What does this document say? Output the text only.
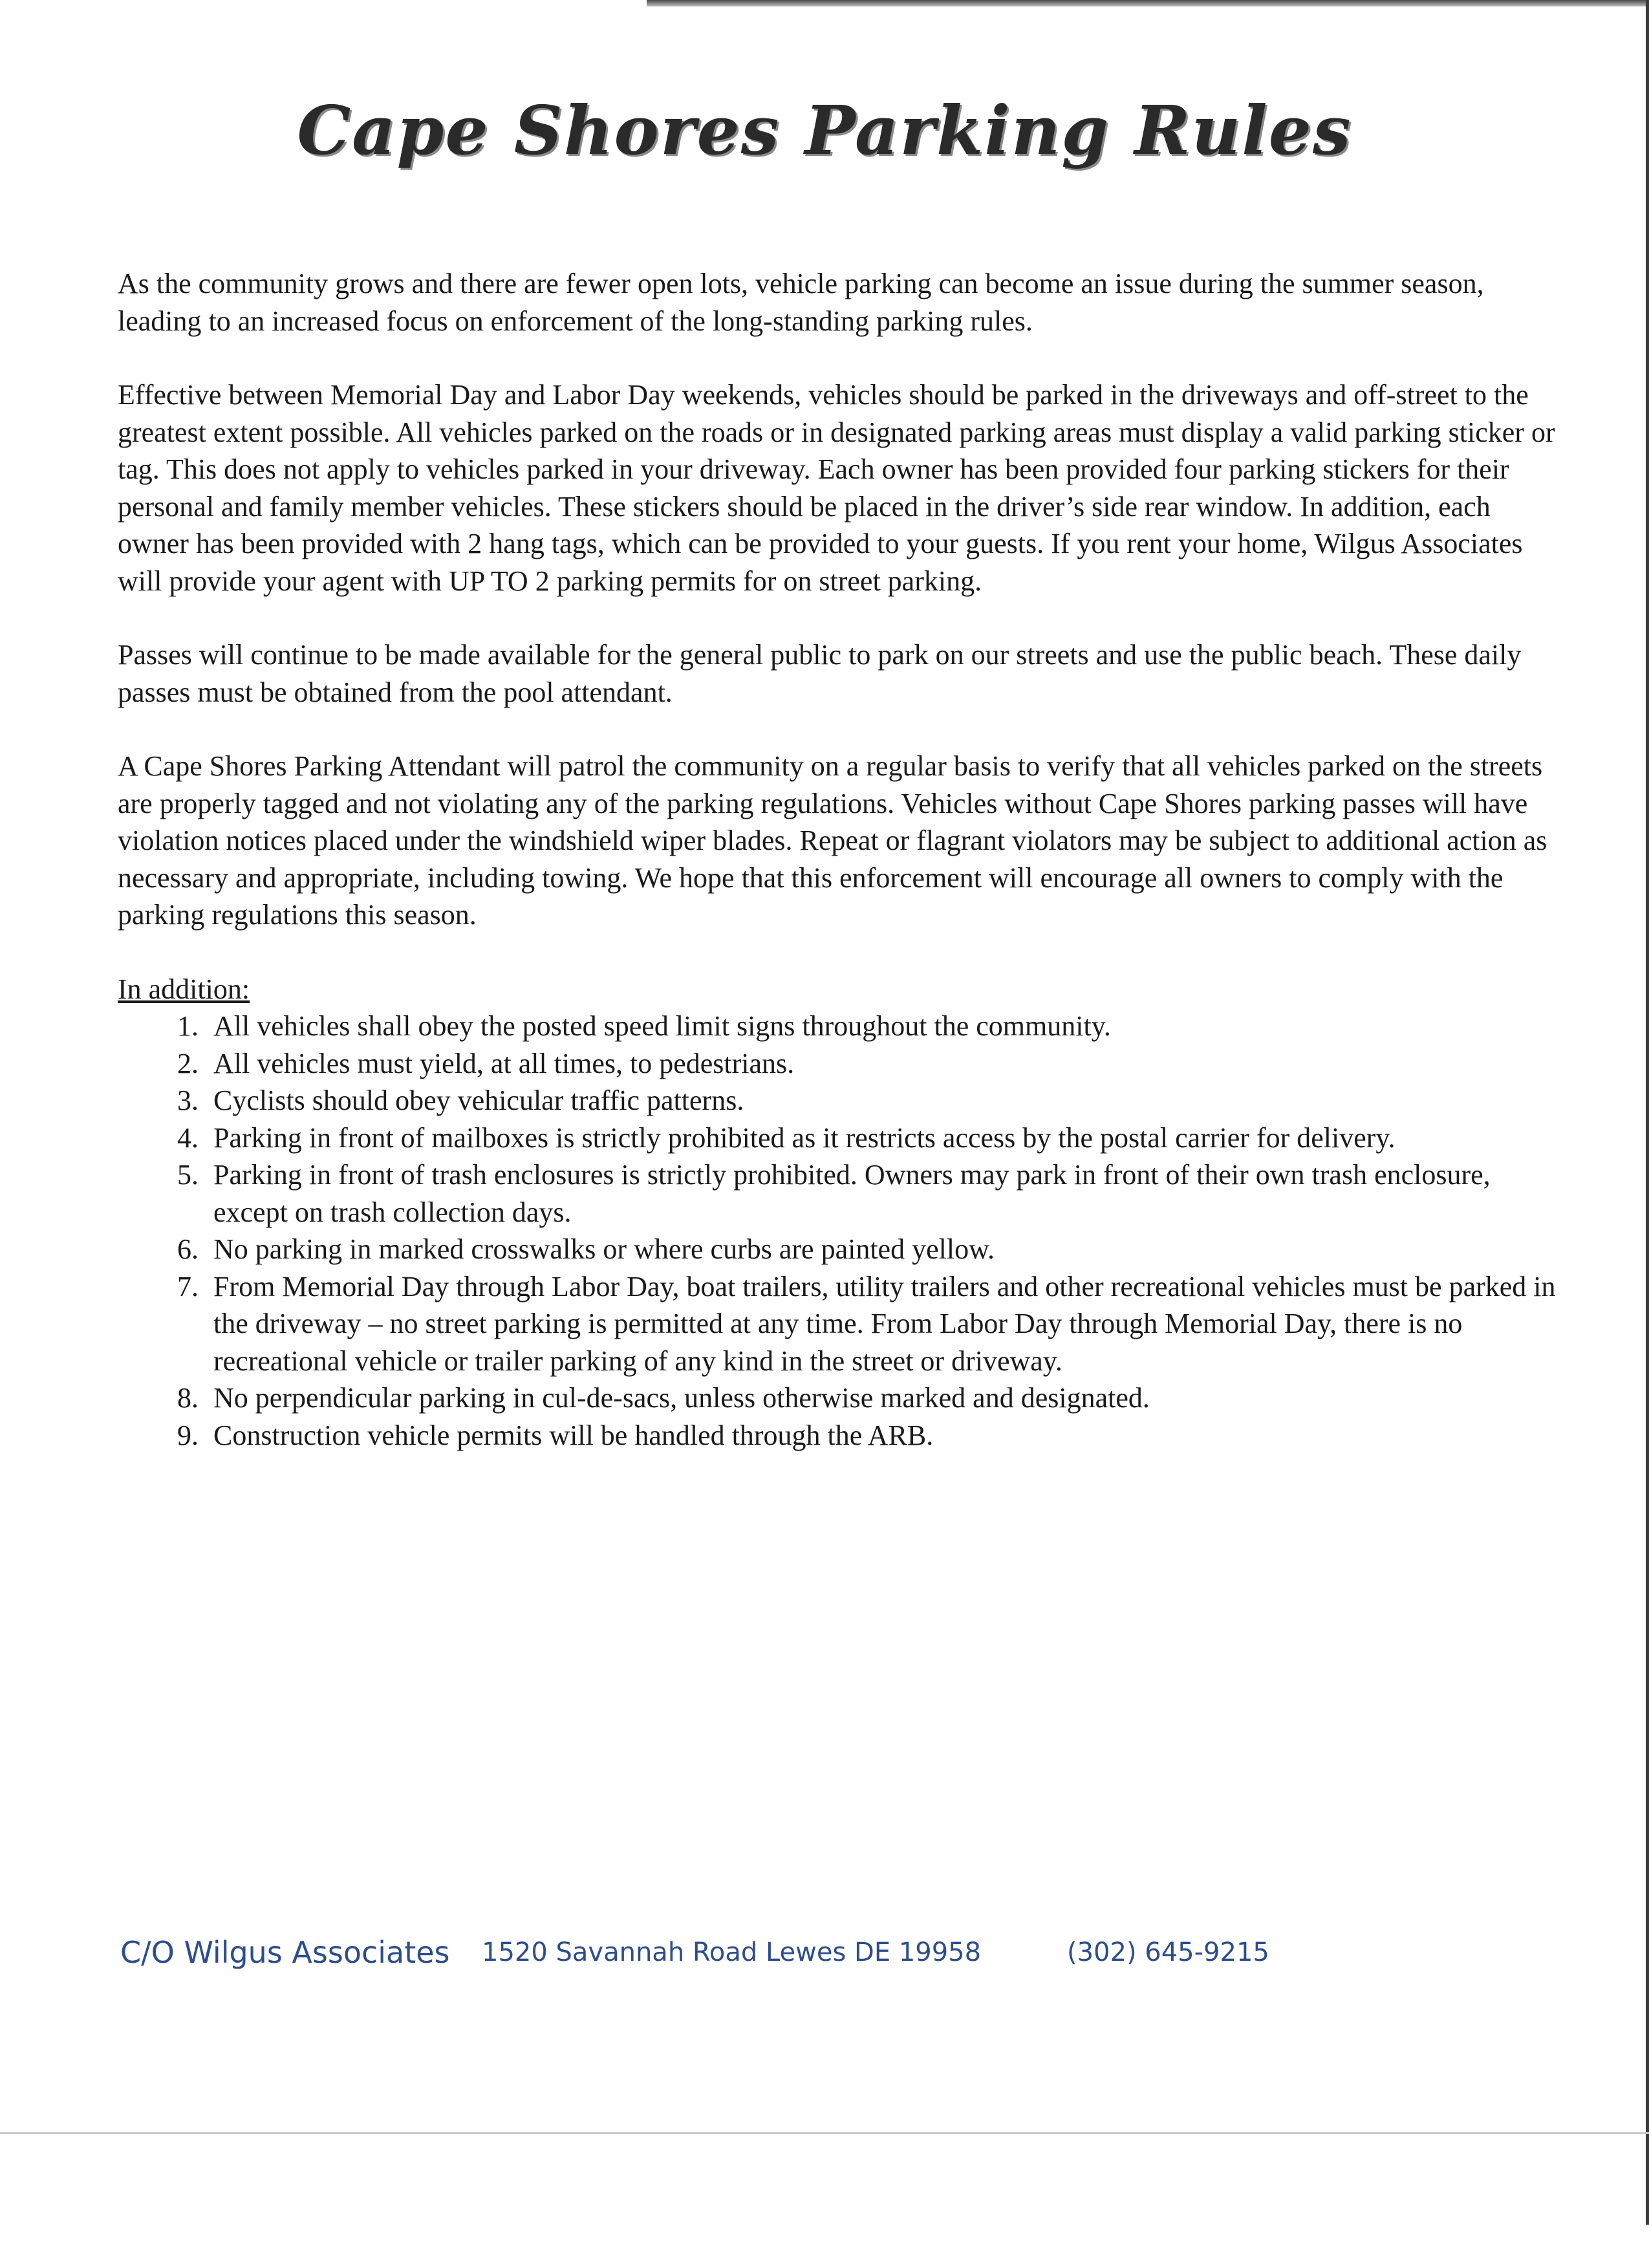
Cape Shores Parking Rules

As the community grows and there are fewer open lots, vehicle parking can become an issue during the summer season, leading to an increased focus on enforcement of the long-standing parking rules.

Effective between Memorial Day and Labor Day weekends, vehicles should be parked in the driveways and off-street to the greatest extent possible. All vehicles parked on the roads or in designated parking areas must display a valid parking sticker or tag. This does not apply to vehicles parked in your driveway. Each owner has been provided four parking stickers for their personal and family member vehicles. These stickers should be placed in the driver’s side rear window. In addition, each owner has been provided with 2 hang tags, which can be provided to your guests. If you rent your home, Wilgus Associates will provide your agent with UP TO 2 parking permits for on street parking.

Passes will continue to be made available for the general public to park on our streets and use the public beach. These daily passes must be obtained from the pool attendant.

A Cape Shores Parking Attendant will patrol the community on a regular basis to verify that all vehicles parked on the streets are properly tagged and not violating any of the parking regulations. Vehicles without Cape Shores parking passes will have violation notices placed under the windshield wiper blades. Repeat or flagrant violators may be subject to additional action as necessary and appropriate, including towing. We hope that this enforcement will encourage all owners to comply with the parking regulations this season.

In addition:
1. All vehicles shall obey the posted speed limit signs throughout the community.
2. All vehicles must yield, at all times, to pedestrians.
3. Cyclists should obey vehicular traffic patterns.
4. Parking in front of mailboxes is strictly prohibited as it restricts access by the postal carrier for delivery.
5. Parking in front of trash enclosures is strictly prohibited. Owners may park in front of their own trash enclosure, except on trash collection days.
6. No parking in marked crosswalks or where curbs are painted yellow.
7. From Memorial Day through Labor Day, boat trailers, utility trailers and other recreational vehicles must be parked in the driveway – no street parking is permitted at any time. From Labor Day through Memorial Day, there is no recreational vehicle or trailer parking of any kind in the street or driveway.
8. No perpendicular parking in cul-de-sacs, unless otherwise marked and designated.
9. Construction vehicle permits will be handled through the ARB.
C/O Wilgus Associates 1520 Savannah Road Lewes DE 19958	(302) 645-9215
